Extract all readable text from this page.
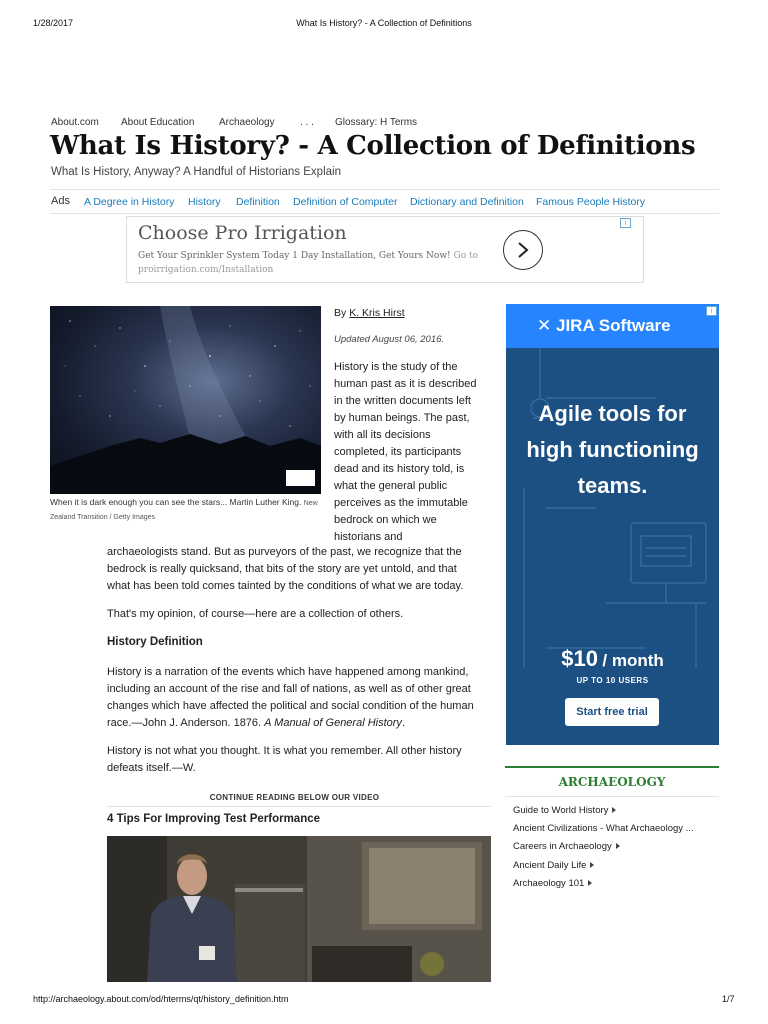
1/28/2017	What Is History? - A Collection of Definitions
About.com About Education Archaeology	. . . Glossary: H Terms
What Is History? - A Collection of Definitions
What Is History, Anyway? A Handful of Historians Explain
Ads A Degree in History History Definition Definition of Computer Dictionary and Definition Famous People History
Choose Pro Irrigation
Get Your Sprinkler System Today 1 Day Installation, Get Yours Now! Go to
proirrigation.com/Installation
i
When it is dark enough you can see the stars... Martin Luther King. New Zealand Transition / Getty Images
By K. Kris Hirst
Updated August 06, 2016.
History is the study of the
human past as it is described
in the written documents left
by human beings. The past,
with all its decisions
completed, its participants
dead and its history told, is
what the general public
perceives as the immutable
bedrock on which we
historians and
archaeologists stand. But as purveyors of the past, we recognize that the
bedrock is really quicksand, that bits of the story are yet untold, and that
what has been told comes tainted by the conditions of what we are today.
That's my opinion, of course—here are a collection of others.
History Definition
History is a narration of the events which have happened among mankind,
including an account of the rise and fall of nations, as well as of other great
changes which have affected the political and social condition of the human
race.—John J. Anderson. 1876. A Manual of General History.
History is not what you thought. It is what you remember. All other history
defeats itself.—W.
CONTINUE READING BELOW OUR VIDEO
4 Tips For Improving Test Performance
✕ JIRA Software
i
Agile tools for
high functioning
teams.
$10 / month
UP TO 10 USERS
Start free trial
ARCHAEOLOGY
Guide to World History
Ancient Civilizations - What Archaeology ...
Careers in Archaeology
Ancient Daily Life
Archaeology 101
http://archaeology.about.com/od/hterms/qt/history_definition.htm	1/7
